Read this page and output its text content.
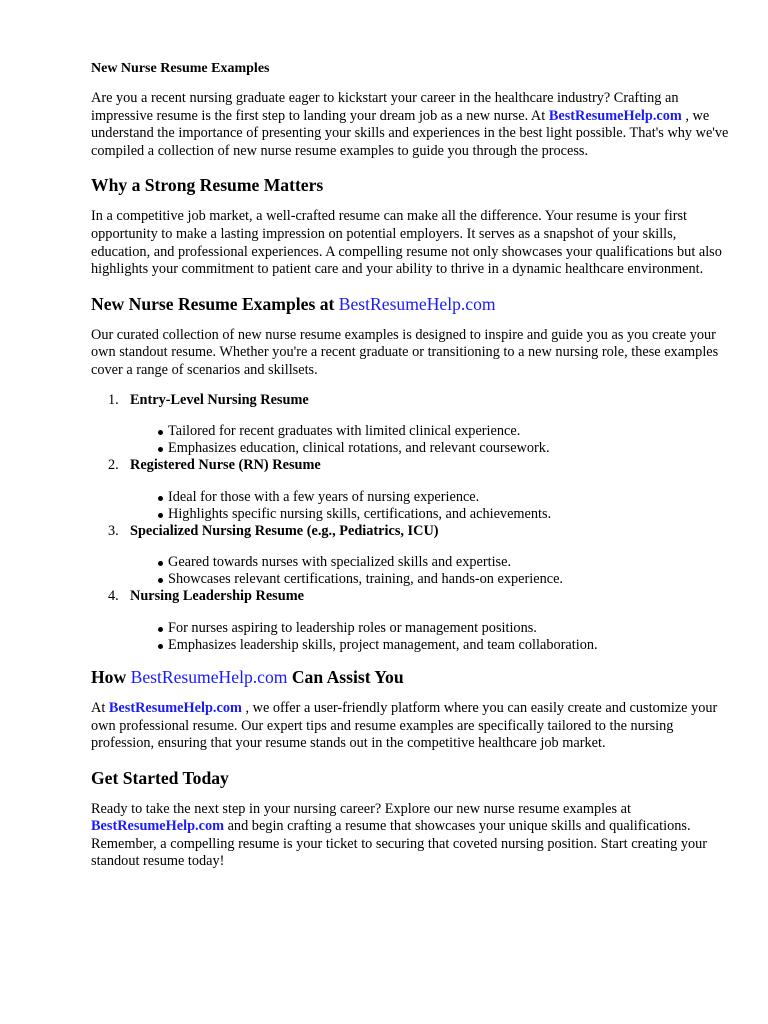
New Nurse Resume Examples

Are you a recent nursing graduate eager to kickstart your career in the healthcare industry? Crafting an impressive resume is the first step to landing your dream job as a new nurse. At BestResumeHelp.com , we understand the importance of presenting your skills and experiences in the best light possible. That's why we've compiled a collection of new nurse resume examples to guide you through the process.

Why a Strong Resume Matters

In a competitive job market, a well-crafted resume can make all the difference. Your resume is your first opportunity to make a lasting impression on potential employers. It serves as a snapshot of your skills, education, and professional experiences. A compelling resume not only showcases your qualifications but also highlights your commitment to patient care and your ability to thrive in a dynamic healthcare environment.

New Nurse Resume Examples at BestResumeHelp.com

Our curated collection of new nurse resume examples is designed to inspire and guide you as you create your own standout resume. Whether you're a recent graduate or transitioning to a new nursing role, these examples cover a range of scenarios and skillsets.

1. Entry-Level Nursing Resume
Tailored for recent graduates with limited clinical experience.
Emphasizes education, clinical rotations, and relevant coursework.
2. Registered Nurse (RN) Resume
Ideal for those with a few years of nursing experience.
Highlights specific nursing skills, certifications, and achievements.
3. Specialized Nursing Resume (e.g., Pediatrics, ICU)
Geared towards nurses with specialized skills and expertise.
Showcases relevant certifications, training, and hands-on experience.
4. Nursing Leadership Resume
For nurses aspiring to leadership roles or management positions.
Emphasizes leadership skills, project management, and team collaboration.
How BestResumeHelp.com Can Assist You

At BestResumeHelp.com , we offer a user-friendly platform where you can easily create and customize your own professional resume. Our expert tips and resume examples are specifically tailored to the nursing profession, ensuring that your resume stands out in the competitive healthcare job market.

Get Started Today

Ready to take the next step in your nursing career? Explore our new nurse resume examples at BestResumeHelp.com and begin crafting a resume that showcases your unique skills and qualifications. Remember, a compelling resume is your ticket to securing that coveted nursing position. Start creating your standout resume today!
